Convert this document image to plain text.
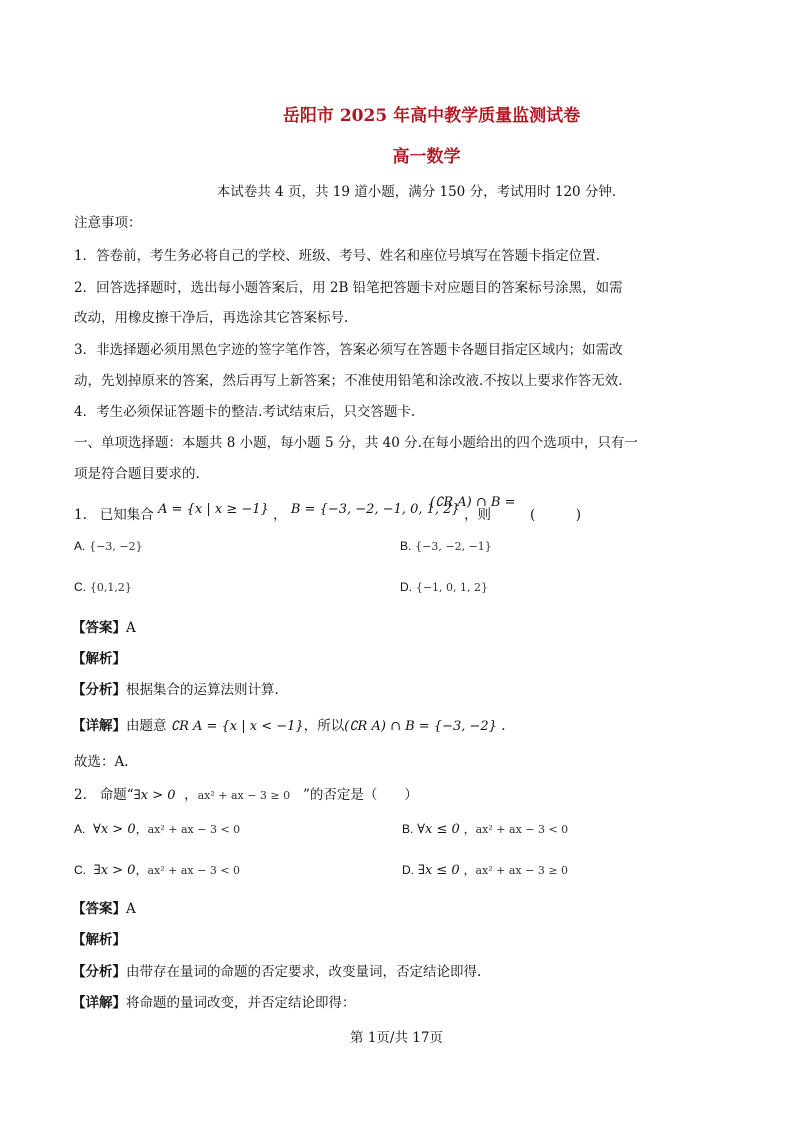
岳阳市 2025 年高中教学质量监测试卷
高一数学
本试卷共 4 页，共 19 道小题，满分 150 分，考试用时 120 分钟.
注意事项：
1．答卷前，考生务必将自己的学校、班级、考号、姓名和座位号填写在答题卡指定位置.
2．回答选择题时，选出每小题答案后，用 2B 铅笔把答题卡对应题目的答案标号涂黑，如需
改动，用橡皮擦干净后，再选涂其它答案标号.
3．非选择题必须用黑色字迹的签字笔作答，答案必须写在答题卡各题目指定区域内；如需改
动，先划掉原来的答案，然后再写上新答案；不准使用铅笔和涂改液.不按以上要求作答无效.
4．考生必须保证答题卡的整洁.考试结束后，只交答题卡.
一、单项选择题：本题共 8 小题，每小题 5 分，共 40 分.在每小题给出的四个选项中，只有一
项是符合题目要求的.
1. 已知集合 A = {x | x ≥ −1} ， B = {−3, −2, −1, 0, 1, 2} ，则
(∁R A) ∩ B =
(　　　)
A. {−3, −2}	B. {−3, −2, −1}
C. {0,1,2}	D. {−1, 0, 1, 2}
【答案】A
【解析】
【分析】根据集合的运算法则计算.
【详解】由题意 ∁R A = {x | x < −1}，所以(∁R A) ∩ B = {−3, −2} .
故选：A.
2. 命题“∃x > 0 ，ax² + ax − 3 ≥ 0 ”的否定是（　　）
A. ∀x > 0，ax² + ax − 3 < 0	B. ∀x ≤ 0 ，ax² + ax − 3 < 0
C. ∃x > 0，ax² + ax − 3 < 0	D. ∃x ≤ 0 ，ax² + ax − 3 ≥ 0
【答案】A
【解析】
【分析】由带存在量词的命题的否定要求，改变量词，否定结论即得.
【详解】将命题的量词改变，并否定结论即得：
第 1页/共 17页
